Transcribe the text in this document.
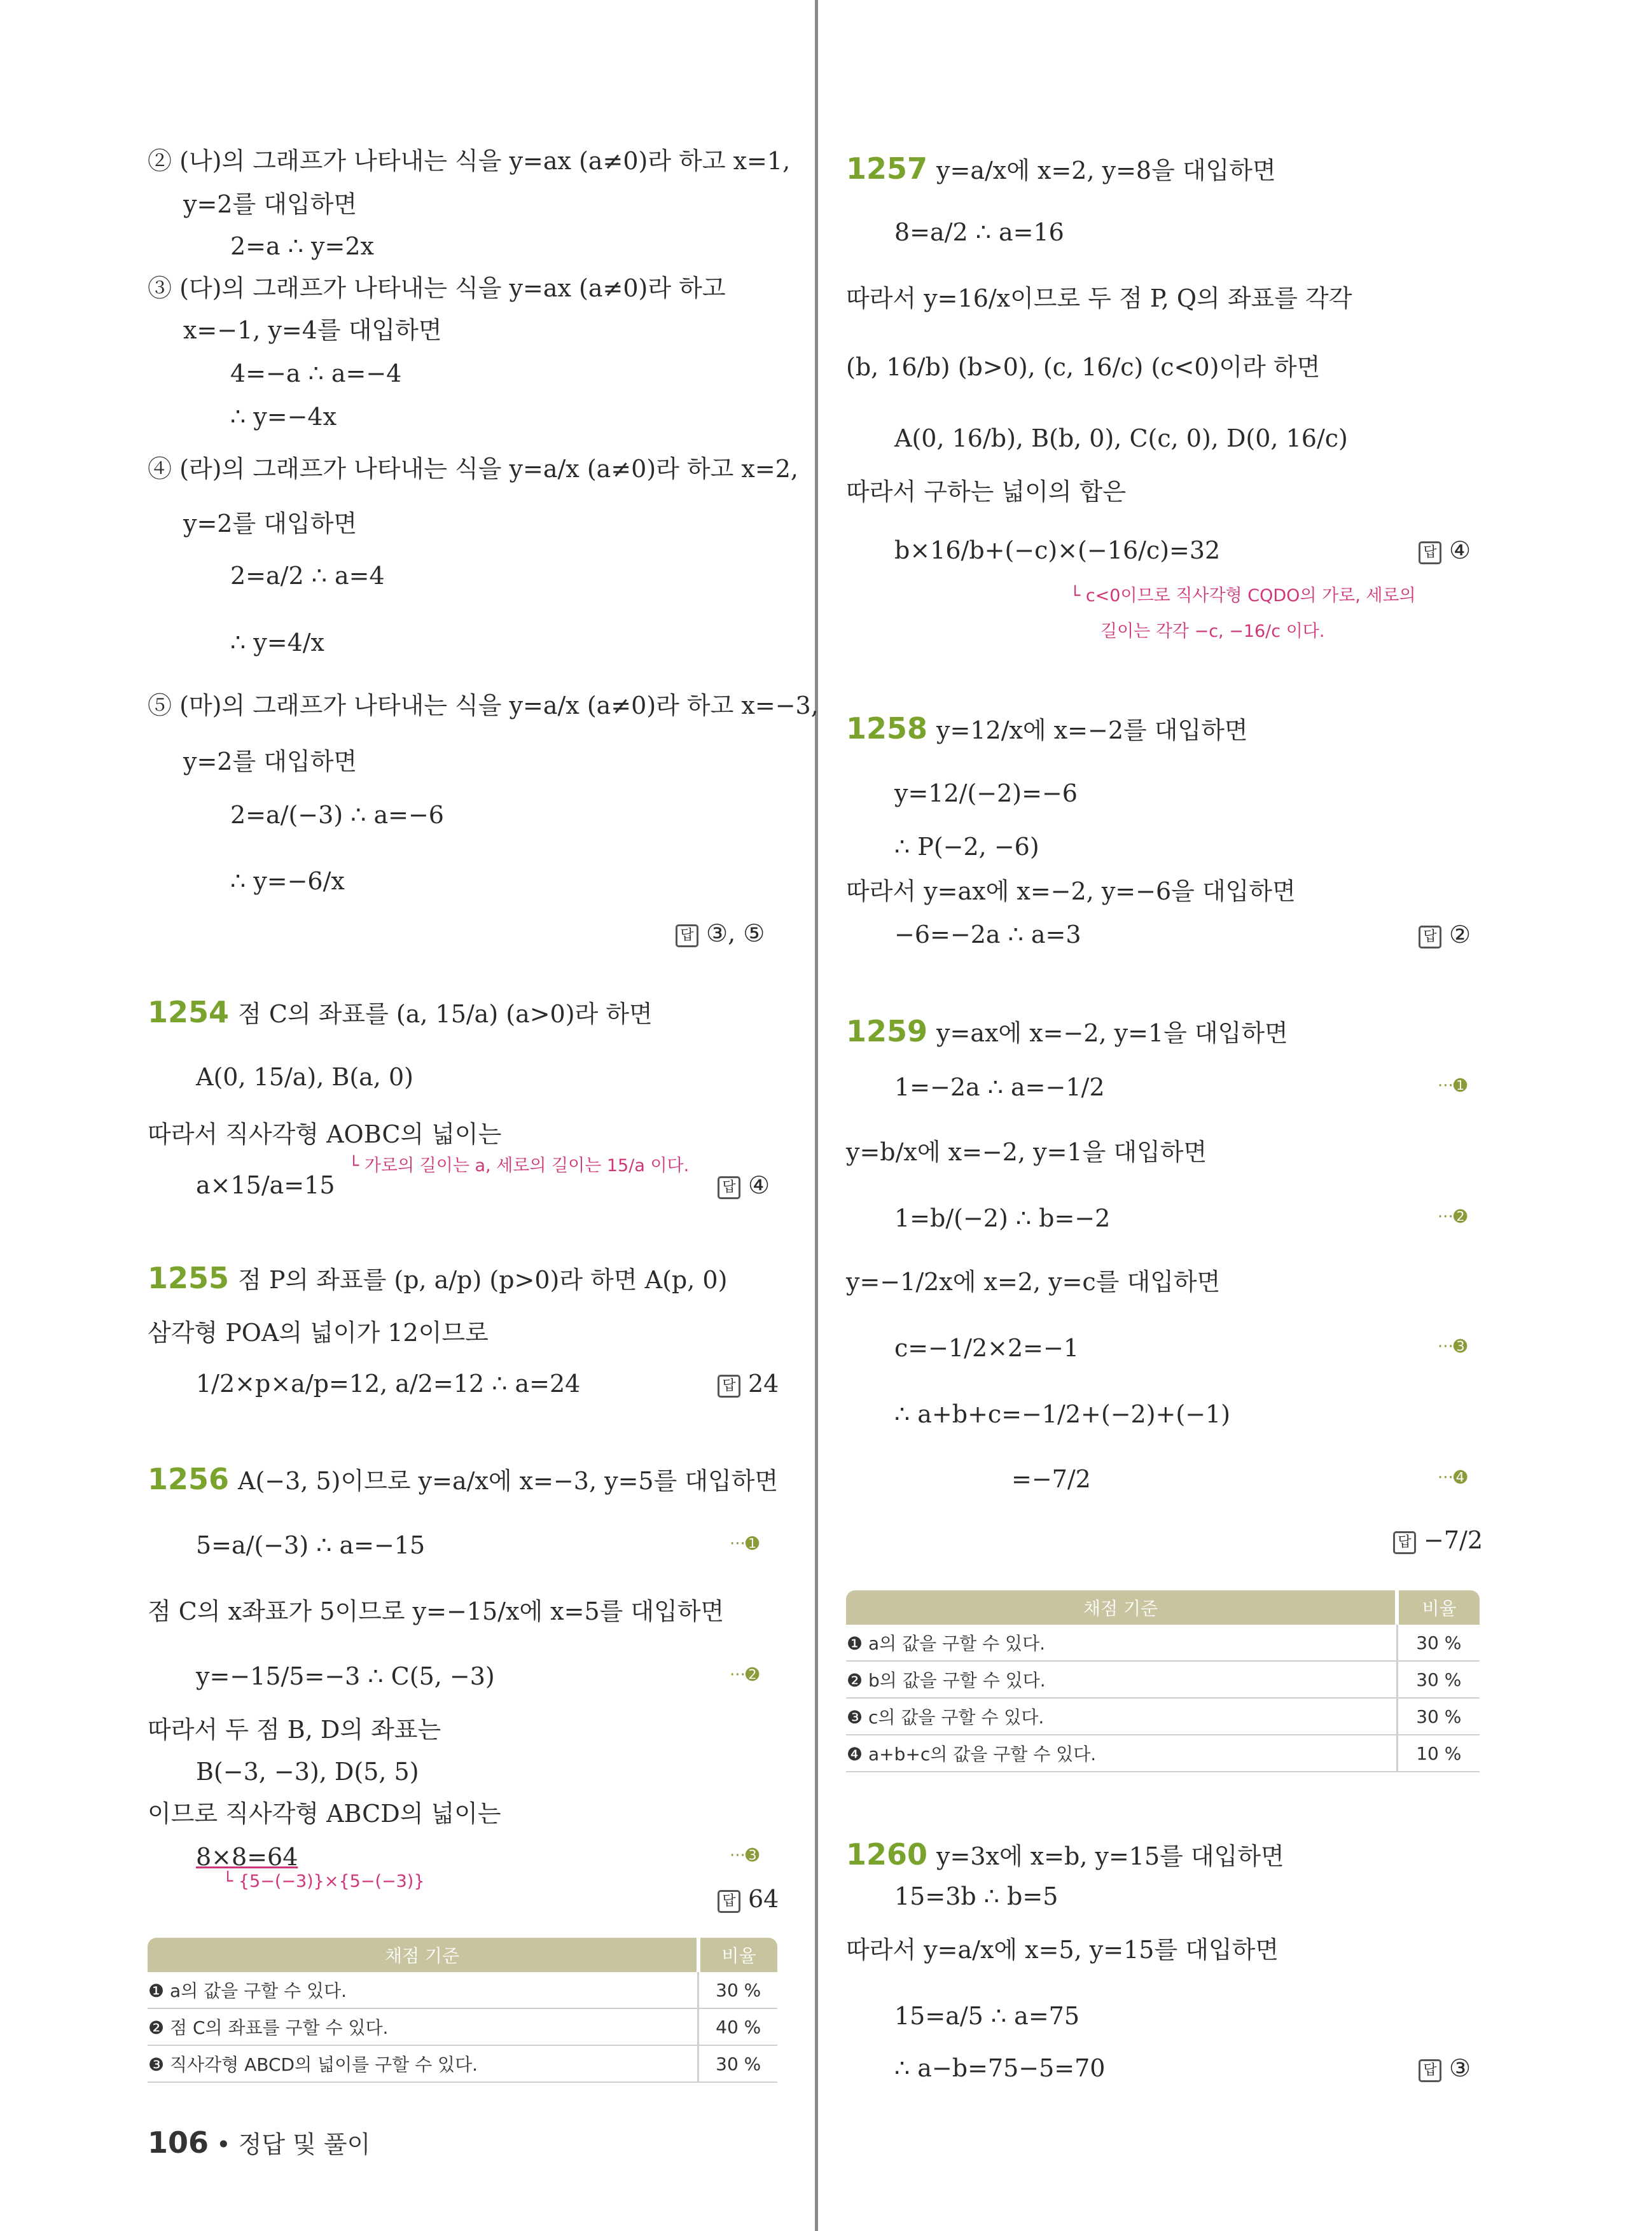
② (나)의 그래프가 나타내는 식을 y=ax (a≠0)라 하고 x=1,
y=2를 대입하면
2=a ∴ y=2x
③ (다)의 그래프가 나타내는 식을 y=ax (a≠0)라 하고
x=−1, y=4를 대입하면
4=−a ∴ a=−4
∴ y=−4x
④ (라)의 그래프가 나타내는 식을 y=a/x (a≠0)라 하고 x=2,
y=2를 대입하면
2=a/2 ∴ a=4
∴ y=4/x
⑤ (마)의 그래프가 나타내는 식을 y=a/x (a≠0)라 하고 x=−3,
y=2를 대입하면
2=a/(−3) ∴ a=−6
∴ y=−6/x
답 ③, ⑤
1254 점 C의 좌표를 (a, 15/a) (a>0)라 하면
A(0, 15/a), B(a, 0)
따라서 직사각형 AOBC의 넓이는
└ 가로의 길이는 a, 세로의 길이는 15/a 이다.
a×15/a=15	답 ④
1255 점 P의 좌표를 (p, a/p) (p>0)라 하면 A(p, 0)
삼각형 POA의 넓이가 12이므로
1/2×p×a/p=12, a/2=12 ∴ a=24	답 24
1256 A(−3, 5)이므로 y=a/x에 x=−3, y=5를 대입하면
5=a/(−3) ∴ a=−15	···➊
점 C의 x좌표가 5이므로 y=−15/x에 x=5를 대입하면
y=−15/5=−3 ∴ C(5, −3)	···➋
따라서 두 점 B, D의 좌표는
B(−3, −3), D(5, 5)
이므로 직사각형 ABCD의 넓이는
8×8=64	···➌
└ {5−(−3)}×{5−(−3)}
답 64
채점 기준	비율
❶ a의 값을 구할 수 있다.	30 %
❷ 점 C의 좌표를 구할 수 있다.	40 %
❸ 직사각형 ABCD의 넓이를 구할 수 있다.	30 %
1257 y=a/x에 x=2, y=8을 대입하면
8=a/2 ∴ a=16
따라서 y=16/x이므로 두 점 P, Q의 좌표를 각각
(b, 16/b) (b>0), (c, 16/c) (c<0)이라 하면
A(0, 16/b), B(b, 0), C(c, 0), D(0, 16/c)
따라서 구하는 넓이의 합은
b×16/b+(−c)×(−16/c)=32	답 ④
└ c<0이므로 직사각형 CQDO의 가로, 세로의
길이는 각각 −c, −16/c 이다.
1258 y=12/x에 x=−2를 대입하면
y=12/(−2)=−6
∴ P(−2, −6)
따라서 y=ax에 x=−2, y=−6을 대입하면
−6=−2a ∴ a=3	답 ②
1259 y=ax에 x=−2, y=1을 대입하면
1=−2a ∴ a=−1/2	···➊
y=b/x에 x=−2, y=1을 대입하면
1=b/(−2) ∴ b=−2	···➋
y=−1/2x에 x=2, y=c를 대입하면
c=−1/2×2=−1	···➌
∴ a+b+c=−1/2+(−2)+(−1)
=−7/2	···➍
답 −7/2
채점 기준	비율
❶ a의 값을 구할 수 있다.	30 %
❷ b의 값을 구할 수 있다.	30 %
❸ c의 값을 구할 수 있다.	30 %
❹ a+b+c의 값을 구할 수 있다.	10 %
1260 y=3x에 x=b, y=15를 대입하면
15=3b ∴ b=5
따라서 y=a/x에 x=5, y=15를 대입하면
15=a/5 ∴ a=75
∴ a−b=75−5=70	답 ③
106 • 정답 및 풀이
